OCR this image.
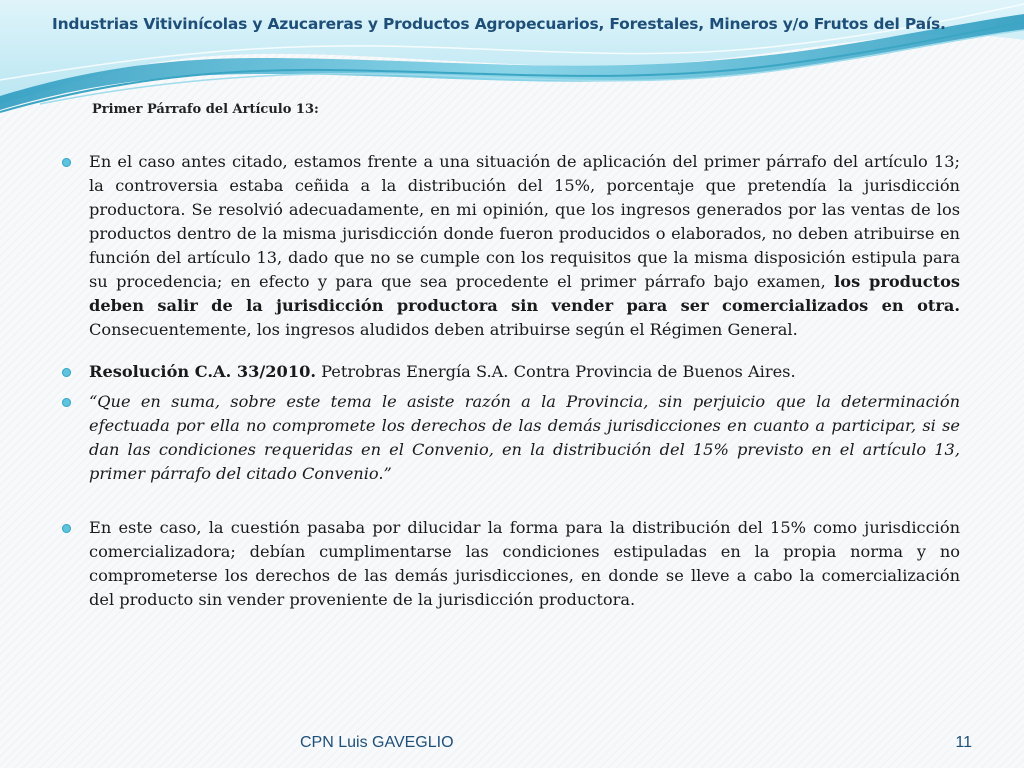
Industrias Vitivinícolas y Azucareras y Productos Agropecuarios, Forestales, Mineros y/o Frutos del País.

Primer Párrafo del Artículo 13:

En el caso antes citado, estamos frente a una situación de aplicación del primer párrafo del artículo 13; la controversia estaba ceñida a la distribución del 15%, porcentaje que pretendía la jurisdicción productora. Se resolvió adecuadamente, en mi opinión, que los ingresos generados por las ventas de los productos dentro de la misma jurisdicción donde fueron producidos o elaborados, no deben atribuirse en función del artículo 13, dado que no se cumple con los requisitos que la misma disposición estipula para su procedencia; en efecto y para que sea procedente el primer párrafo bajo examen, los productos deben salir de la jurisdicción productora sin vender para ser comercializados en otra. Consecuentemente, los ingresos aludidos deben atribuirse según el Régimen General.
Resolución C.A. 33/2010. Petrobras Energía S.A. Contra Provincia de Buenos Aires.
“Que en suma, sobre este tema le asiste razón a la Provincia, sin perjuicio que la determinación efectuada por ella no compromete los derechos de las demás jurisdicciones en cuanto a participar, si se dan las condiciones requeridas en el Convenio, en la distribución del 15% previsto en el artículo 13, primer párrafo del citado Convenio.”
En este caso, la cuestión pasaba por dilucidar la forma para la distribución del 15% como jurisdicción comercializadora; debían cumplimentarse las condiciones estipuladas en la propia norma y no comprometerse los derechos de las demás jurisdicciones, en donde se lleve a cabo la comercialización del producto sin vender proveniente de la jurisdicción productora.
CPN Luis GAVEGLIO	11
